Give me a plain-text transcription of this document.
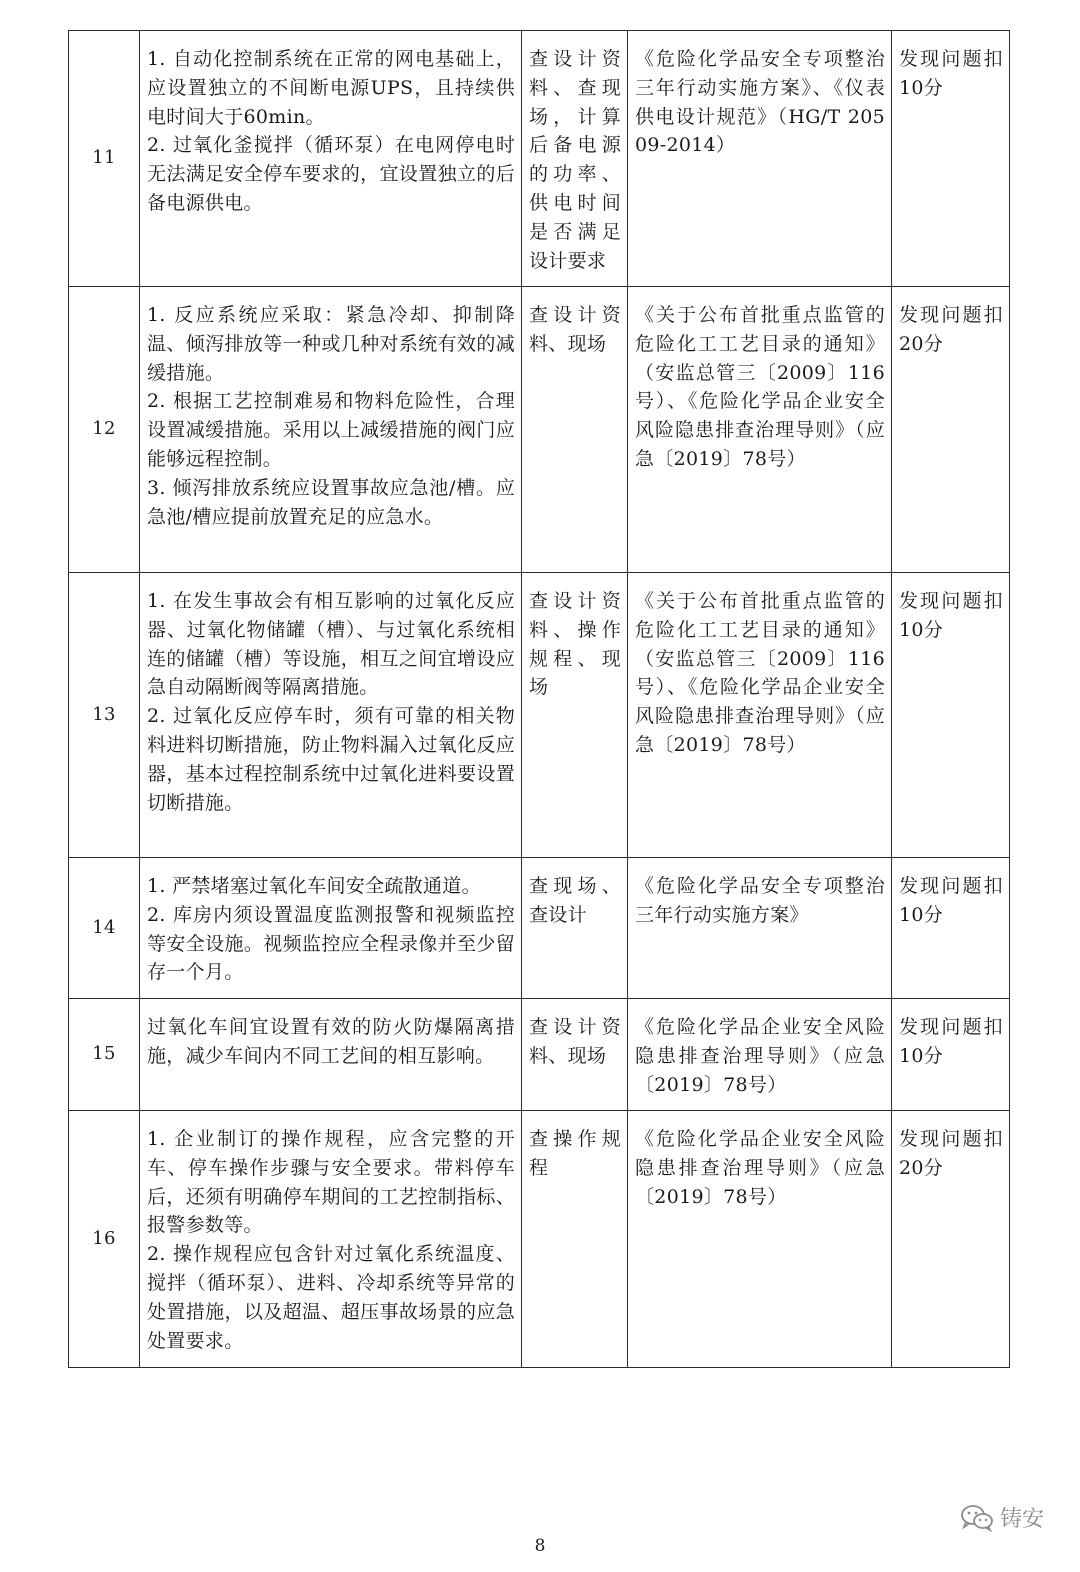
11	1. 自动化控制系统在正常的网电基础上，应设置独立的不间断电源UPS，且持续供电时间大于60min。
2. 过氧化釜搅拌（循环泵）在电网停电时无法满足安全停车要求的，宜设置独立的后备电源供电。	查设计资料、查现场，计算后备电源的功率、供电时间是否满足设计要求	《危险化学品安全专项整治三年行动实施方案》、《仪表供电设计规范》（HG/T 20509-2014）	发现问题扣10分

12	1. 反应系统应采取：紧急冷却、抑制降温、倾泻排放等一种或几种对系统有效的减缓措施。
2. 根据工艺控制难易和物料危险性，合理设置减缓措施。采用以上减缓措施的阀门应能够远程控制。
3. 倾泻排放系统应设置事故应急池/槽。应急池/槽应提前放置充足的应急水。	查设计资料、现场	《关于公布首批重点监管的危险化工工艺目录的通知》（安监总管三〔2009〕116号）、《危险化学品企业安全风险隐患排查治理导则》（应急〔2019〕78号）	发现问题扣20分

13	1. 在发生事故会有相互影响的过氧化反应器、过氧化物储罐（槽）、与过氧化系统相连的储罐（槽）等设施，相互之间宜增设应急自动隔断阀等隔离措施。
2. 过氧化反应停车时，须有可靠的相关物料进料切断措施，防止物料漏入过氧化反应器，基本过程控制系统中过氧化进料要设置切断措施。	查设计资料、操作规程、现场	《关于公布首批重点监管的危险化工工艺目录的通知》（安监总管三〔2009〕116号）、《危险化学品企业安全风险隐患排查治理导则》（应急〔2019〕78号）	发现问题扣10分

14	1. 严禁堵塞过氧化车间安全疏散通道。
2. 库房内须设置温度监测报警和视频监控等安全设施。视频监控应全程录像并至少留存一个月。	查现场、查设计	《危险化学品安全专项整治三年行动实施方案》	发现问题扣10分

15	过氧化车间宜设置有效的防火防爆隔离措施，减少车间内不同工艺间的相互影响。	查设计资料、现场	《危险化学品企业安全风险隐患排查治理导则》（应急〔2019〕78号）	发现问题扣10分

16	1. 企业制订的操作规程，应含完整的开车、停车操作步骤与安全要求。带料停车后，还须有明确停车期间的工艺控制指标、报警参数等。
2. 操作规程应包含针对过氧化系统温度、搅拌（循环泵）、进料、冷却系统等异常的处置措施，以及超温、超压事故场景的应急处置要求。	查操作规程	《危险化学品企业安全风险隐患排查治理导则》（应急〔2019〕78号）	发现问题扣20分
铸安
8
